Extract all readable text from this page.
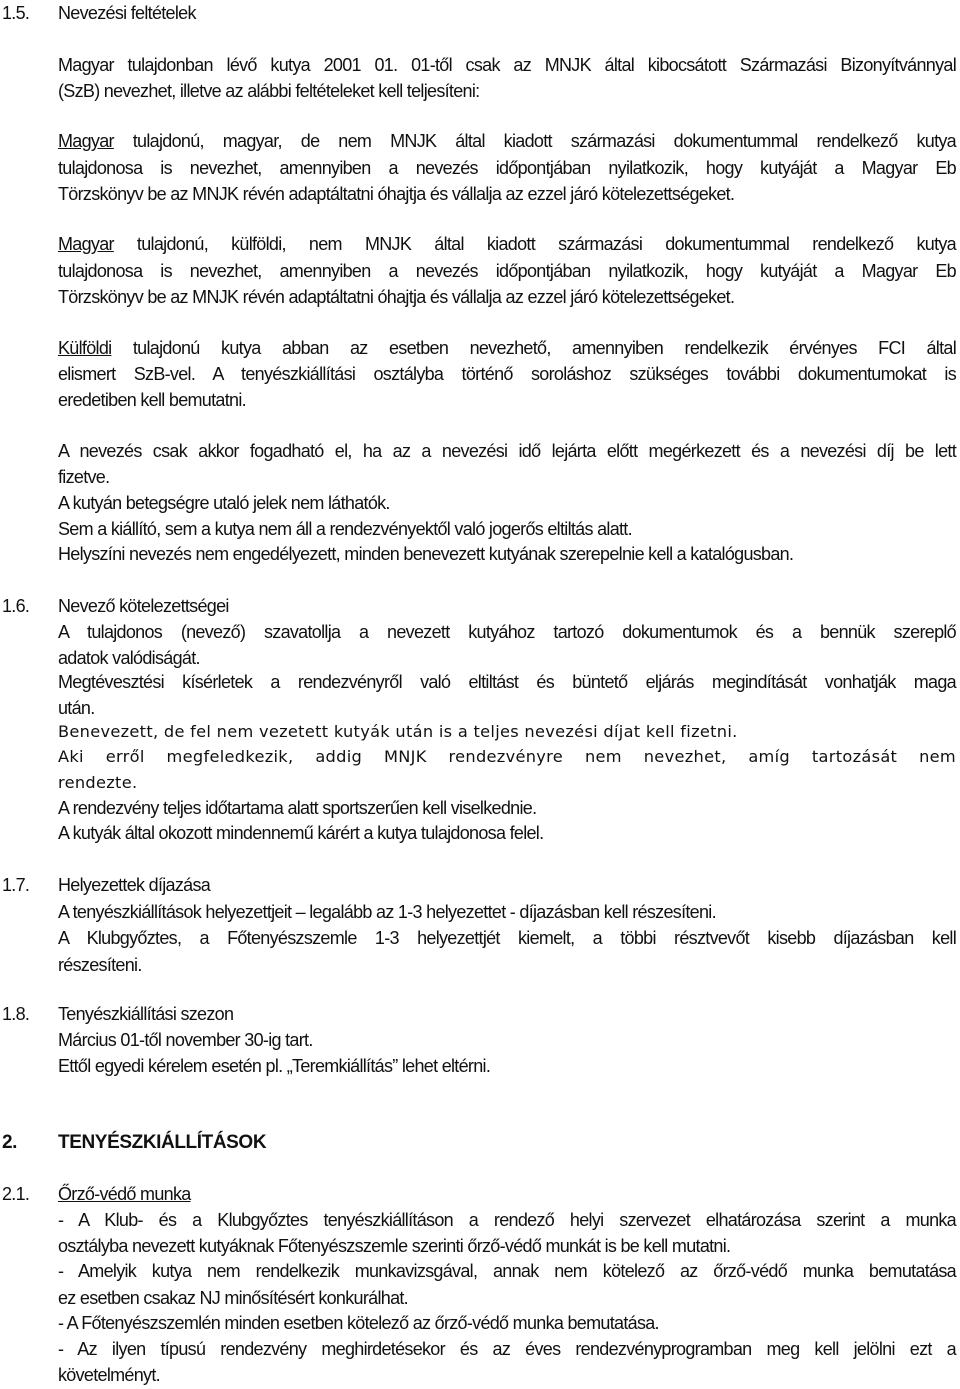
1.5. Nevezési feltételek
Magyar tulajdonban lévő kutya 2001 01. 01-től csak az MNJK által kibocsátott Származási Bizonyítvánnyal
(SzB) nevezhet, illetve az alábbi feltételeket kell teljesíteni:
Magyar tulajdonú, magyar, de nem MNJK által kiadott származási dokumentummal rendelkező kutya
tulajdonosa is nevezhet, amennyiben a nevezés időpontjában nyilatkozik, hogy kutyáját a Magyar Eb
Törzskönyv be az MNJK révén adaptáltatni óhajtja és vállalja az ezzel járó kötelezettségeket.
Magyar tulajdonú, külföldi, nem MNJK által kiadott származási dokumentummal rendelkező kutya
tulajdonosa is nevezhet, amennyiben a nevezés időpontjában nyilatkozik, hogy kutyáját a Magyar Eb
Törzskönyv be az MNJK révén adaptáltatni óhajtja és vállalja az ezzel járó kötelezettségeket.
Külföldi tulajdonú kutya abban az esetben nevezhető, amennyiben rendelkezik érvényes FCI által
elismert SzB-vel. A tenyészkiállítási osztályba történő soroláshoz szükséges további dokumentumokat is
eredetiben kell bemutatni.
A nevezés csak akkor fogadható el, ha az a nevezési idő lejárta előtt megérkezett és a nevezési díj be lett
fizetve.
A kutyán betegségre utaló jelek nem láthatók.
Sem a kiállító, sem a kutya nem áll a rendezvényektől való jogerős eltiltás alatt.
Helyszíni nevezés nem engedélyezett, minden benevezett kutyának szerepelnie kell a katalógusban.
1.6. Nevező kötelezettségei
A tulajdonos (nevező) szavatollja a nevezett kutyához tartozó dokumentumok és a bennük szereplő
adatok valódiságát.
Megtévesztési kísérletek a rendezvényről való eltiltást és büntető eljárás megindítását vonhatják maga
után.
Benevezett, de fel nem vezetett kutyák után is a teljes nevezési díjat kell fizetni.
Aki erről megfeledkezik, addig MNJK rendezvényre nem nevezhet, amíg tartozását nem
rendezte.
A rendezvény teljes időtartama alatt sportszerűen kell viselkednie.
A kutyák által okozott mindennemű kárért a kutya tulajdonosa felel.
1.7. Helyezettek díjazása
A tenyészkiállítások helyezettjeit – legalább az 1-3 helyezettet - díjazásban kell részesíteni.
A Klubgyőztes, a Főtenyészszemle 1-3 helyezettjét kiemelt, a többi résztvevőt kisebb díjazásban kell
részesíteni.
1.8. Tenyészkiállítási szezon
Március 01-től november 30-ig tart.
Ettől egyedi kérelem esetén pl. „Teremkiállítás” lehet eltérni.
2. TENYÉSZKIÁLLÍTÁSOK
2.1. Őrző-védő munka
- A Klub- és a Klubgyőztes tenyészkiállításon a rendező helyi szervezet elhatározása szerint a munka
osztályba nevezett kutyáknak Főtenyészszemle szerinti őrző-védő munkát is be kell mutatni.
- Amelyik kutya nem rendelkezik munkavizsgával, annak nem kötelező az őrző-védő munka bemutatása
ez esetben csakaz NJ minősítésért konkurálhat.
- A Főtenyészszemlén minden esetben kötelező az őrző-védő munka bemutatása.
- Az ilyen típusú rendezvény meghirdetésekor és az éves rendezvényprogramban meg kell jelölni ezt a
követelményt.
